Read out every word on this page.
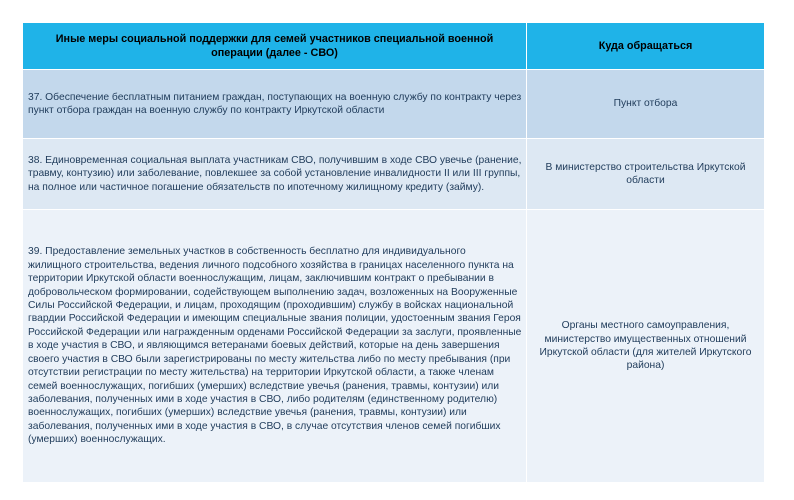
Иные меры социальной поддержки для семей участников специальной военной операции (далее - СВО)	Куда обращаться
37. Обеспечение бесплатным питанием граждан, поступающих на военную службу по контракту через пункт отбора граждан на военную службу по контракту Иркутской области	Пункт отбора
38. Единовременная социальная выплата участникам СВО, получившим в ходе СВО увечье (ранение, травму, контузию) или заболевание, повлекшее за собой установление инвалидности II или III группы, на полное или частичное погашение обязательств по ипотечному жилищному кредиту (займу).	В министерство строительства Иркутской области
39. Предоставление земельных участков в собственность бесплатно для индивидуального жилищного строительства, ведения личного подсобного хозяйства в границах населенного пункта на территории Иркутской области военнослужащим, лицам, заключившим контракт о пребывании в добровольческом формировании, содействующем выполнению задач, возложенных на Вооруженные Силы Российской Федерации, и лицам, проходящим (проходившим) службу в войсках национальной гвардии Российской Федерации и имеющим специальные звания полиции, удостоенным звания Героя Российской Федерации или награжденным орденами Российской Федерации за заслуги, проявленные в ходе участия в СВО, и являющимся ветеранами боевых действий, которые на день завершения своего участия в СВО были зарегистрированы по месту жительства либо по месту пребывания (при отсутствии регистрации по месту жительства) на территории Иркутской области, а также членам семей военнослужащих, погибших (умерших) вследствие увечья (ранения, травмы, контузии) или заболевания, полученных ими в ходе участия в СВО, либо родителям (единственному родителю) военнослужащих, погибших (умерших) вследствие увечья (ранения, травмы, контузии) или заболевания, полученных ими в ходе участия в СВО, в случае отсутствия членов семей погибших (умерших) военнослужащих.	Органы местного самоуправления, министерство имущественных отношений Иркутской области (для жителей Иркутского района)
